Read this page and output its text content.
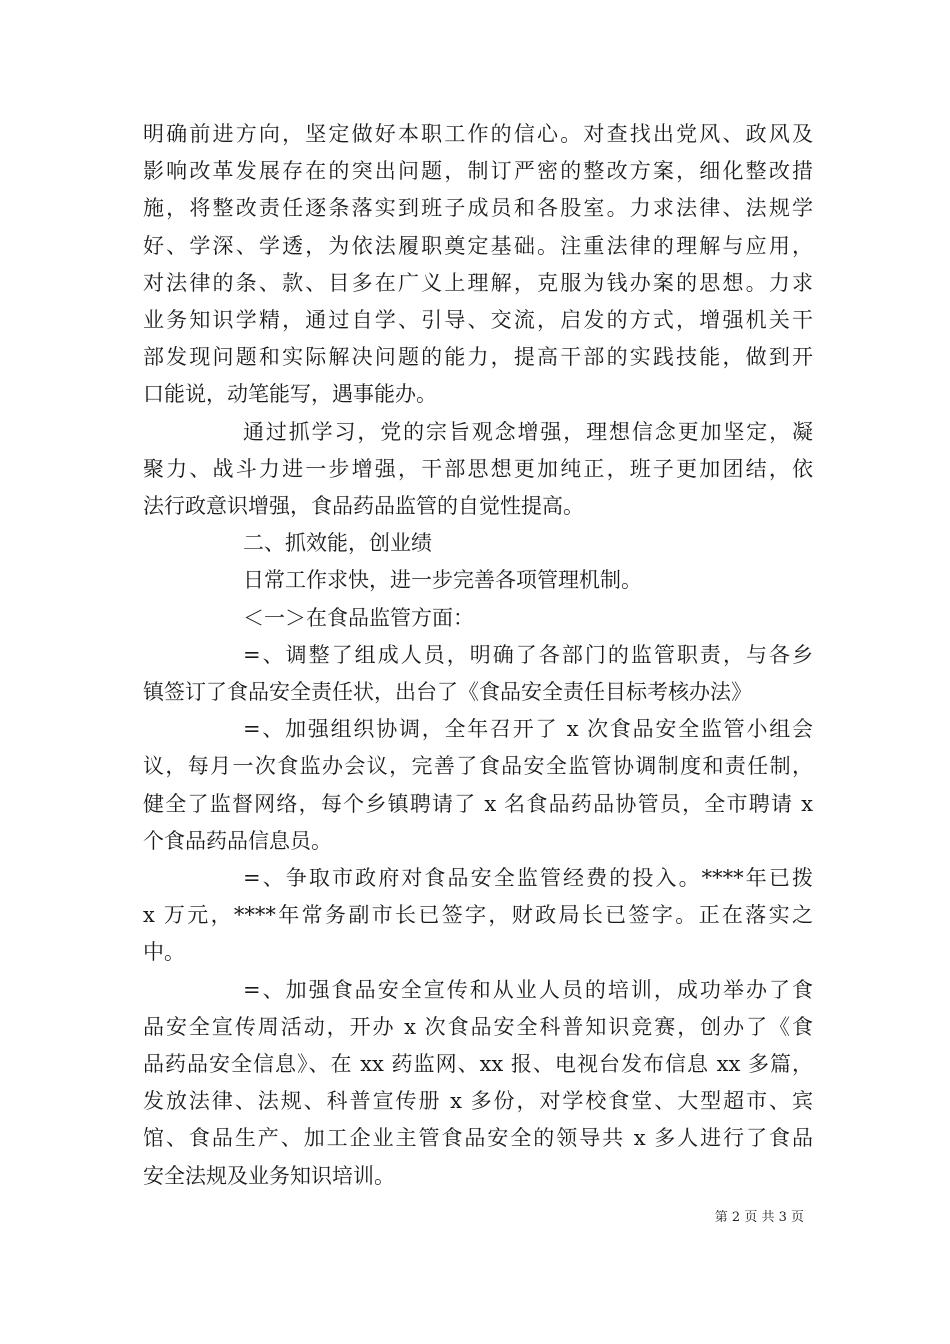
明确前进方向，坚定做好本职工作的信心。对查找出党风、政风及
影响改革发展存在的突出问题，制订严密的整改方案，细化整改措
施，将整改责任逐条落实到班子成员和各股室。力求法律、法规学
好、学深、学透，为依法履职奠定基础。注重法律的理解与应用，
对法律的条、款、目多在广义上理解，克服为钱办案的思想。力求
业务知识学精，通过自学、引导、交流，启发的方式，增强机关干
部发现问题和实际解决问题的能力，提高干部的实践技能，做到开
口能说，动笔能写，遇事能办。

通过抓学习，党的宗旨观念增强，理想信念更加坚定，凝
聚力、战斗力进一步增强，干部思想更加纯正，班子更加团结，依
法行政意识增强，食品药品监管的自觉性提高。

二、抓效能，创业绩

日常工作求快，进一步完善各项管理机制。

＜一＞在食品监管方面：

=、调整了组成人员，明确了各部门的监管职责，与各乡
镇签订了食品安全责任状，出台了《食品安全责任目标考核办法》

=、加强组织协调，全年召开了 x 次食品安全监管小组会
议，每月一次食监办会议，完善了食品安全监管协调制度和责任制，
健全了监督网络，每个乡镇聘请了 x 名食品药品协管员，全市聘请 x
个食品药品信息员。

=、争取市政府对食品安全监管经费的投入。****年已拨
x 万元，****年常务副市长已签字，财政局长已签字。正在落实之
中。

=、加强食品安全宣传和从业人员的培训，成功举办了食
品安全宣传周活动，开办 x 次食品安全科普知识竞赛，创办了《食
品药品安全信息》、在 xx 药监网、xx 报、电视台发布信息 xx 多篇，
发放法律、法规、科普宣传册 x 多份，对学校食堂、大型超市、宾
馆、食品生产、加工企业主管食品安全的领导共 x 多人进行了食品
安全法规及业务知识培训。

第 2 页 共 3 页
